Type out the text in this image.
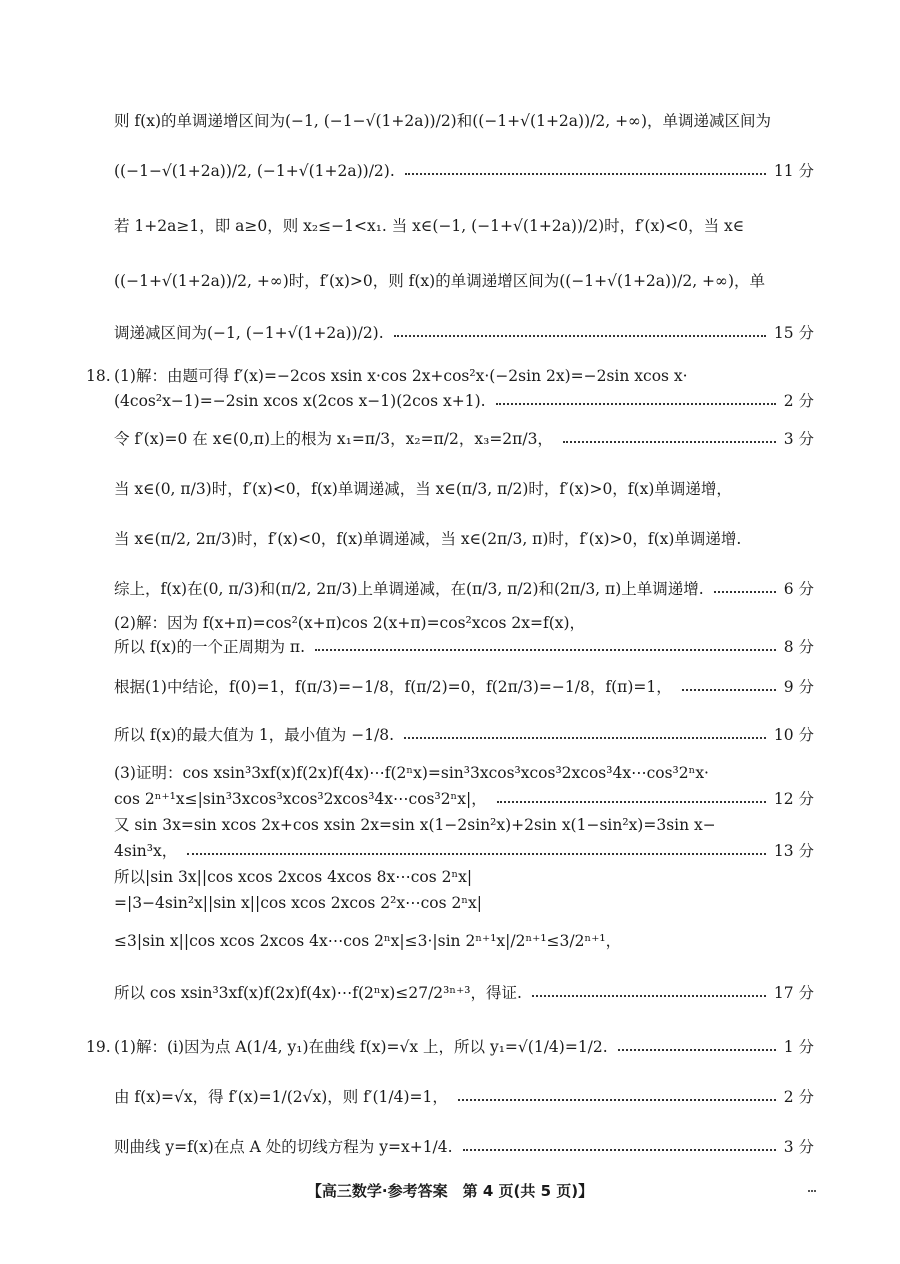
则 f(x)的单调递增区间为(−1, (−1−√(1+2a))/2)和((−1+√(1+2a))/2, +∞)，单调递减区间为
((−1−√(1+2a))/2, (−1+√(1+2a))/2).	11 分
若 1+2a≥1，即 a≥0，则 x₂≤−1<x₁. 当 x∈(−1, (−1+√(1+2a))/2)时，f′(x)<0，当 x∈
((−1+√(1+2a))/2, +∞)时，f′(x)>0，则 f(x)的单调递增区间为((−1+√(1+2a))/2, +∞)，单
调递减区间为(−1, (−1+√(1+2a))/2).	15 分
18. (1)解：由题可得 f′(x)=−2cos xsin x·cos 2x+cos²x·(−2sin 2x)=−2sin xcos x·
(4cos²x−1)=−2sin xcos x(2cos x−1)(2cos x+1).	2 分
令 f′(x)=0 在 x∈(0,π)上的根为 x₁=π/3，x₂=π/2，x₃=2π/3，	3 分
当 x∈(0, π/3)时，f′(x)<0，f(x)单调递减，当 x∈(π/3, π/2)时，f′(x)>0，f(x)单调递增，
当 x∈(π/2, 2π/3)时，f′(x)<0，f(x)单调递减，当 x∈(2π/3, π)时，f′(x)>0，f(x)单调递增.
综上，f(x)在(0, π/3)和(π/2, 2π/3)上单调递减，在(π/3, π/2)和(2π/3, π)上单调递增.	6 分
(2)解：因为 f(x+π)=cos²(x+π)cos 2(x+π)=cos²xcos 2x=f(x)，
所以 f(x)的一个正周期为 π.	8 分
根据(1)中结论，f(0)=1，f(π/3)=−1/8，f(π/2)=0，f(2π/3)=−1/8，f(π)=1，	9 分
所以 f(x)的最大值为 1，最小值为 −1/8.	10 分
(3)证明：cos xsin³3xf(x)f(2x)f(4x)⋯f(2ⁿx)=sin³3xcos³xcos³2xcos³4x⋯cos³2ⁿx·
cos 2ⁿ⁺¹x≤|sin³3xcos³xcos³2xcos³4x⋯cos³2ⁿx|，	12 分
又 sin 3x=sin xcos 2x+cos xsin 2x=sin x(1−2sin²x)+2sin x(1−sin²x)=3sin x−
4sin³x，	13 分
所以|sin 3x||cos xcos 2xcos 4xcos 8x⋯cos 2ⁿx|
=|3−4sin²x||sin x||cos xcos 2xcos 2²x⋯cos 2ⁿx|
≤3|sin x||cos xcos 2xcos 4x⋯cos 2ⁿx|≤3·|sin 2ⁿ⁺¹x|/2ⁿ⁺¹≤3/2ⁿ⁺¹，
所以 cos xsin³3xf(x)f(2x)f(4x)⋯f(2ⁿx)≤27/2³ⁿ⁺³，得证.	17 分
19. (1)解：(ⅰ)因为点 A(1/4, y₁)在曲线 f(x)=√x 上，所以 y₁=√(1/4)=1/2.	1 分
由 f(x)=√x，得 f′(x)=1/(2√x)，则 f′(1/4)=1，	2 分
则曲线 y=f(x)在点 A 处的切线方程为 y=x+1/4.	3 分
【高三数学·参考答案　第 4 页(共 5 页)】
